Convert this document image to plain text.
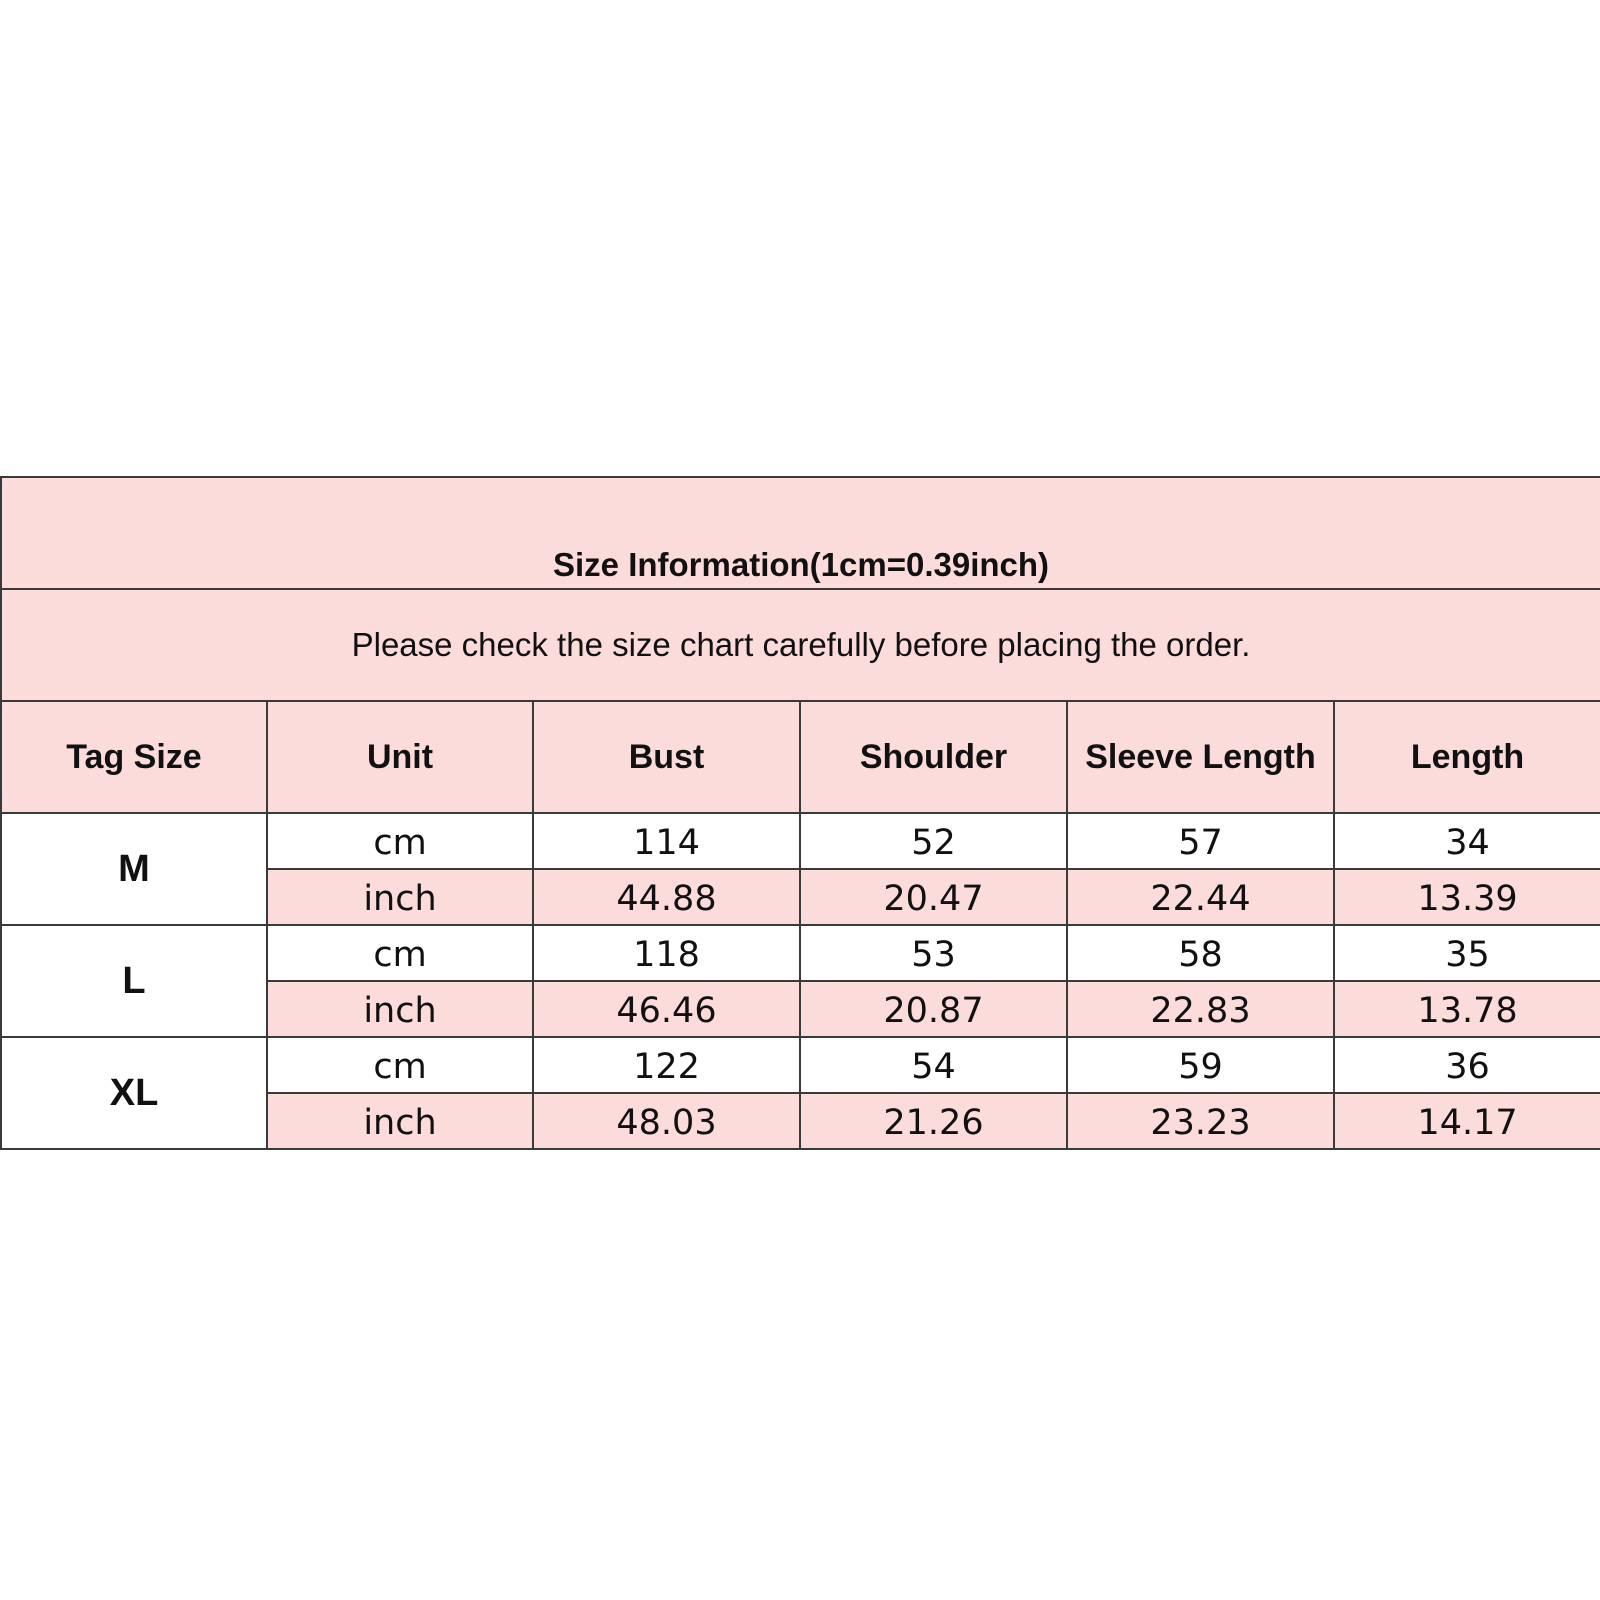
Size Information(1cm=0.39inch)					
Please check the size chart carefully before placing the order.					
Tag Size	Unit	Bust	Shoulder	Sleeve Length	Length
M	cm	114	52	57	34
	inch	44.88	20.47	22.44	13.39
L	cm	118	53	58	35
	inch	46.46	20.87	22.83	13.78
XL	cm	122	54	59	36
	inch	48.03	21.26	23.23	14.17
